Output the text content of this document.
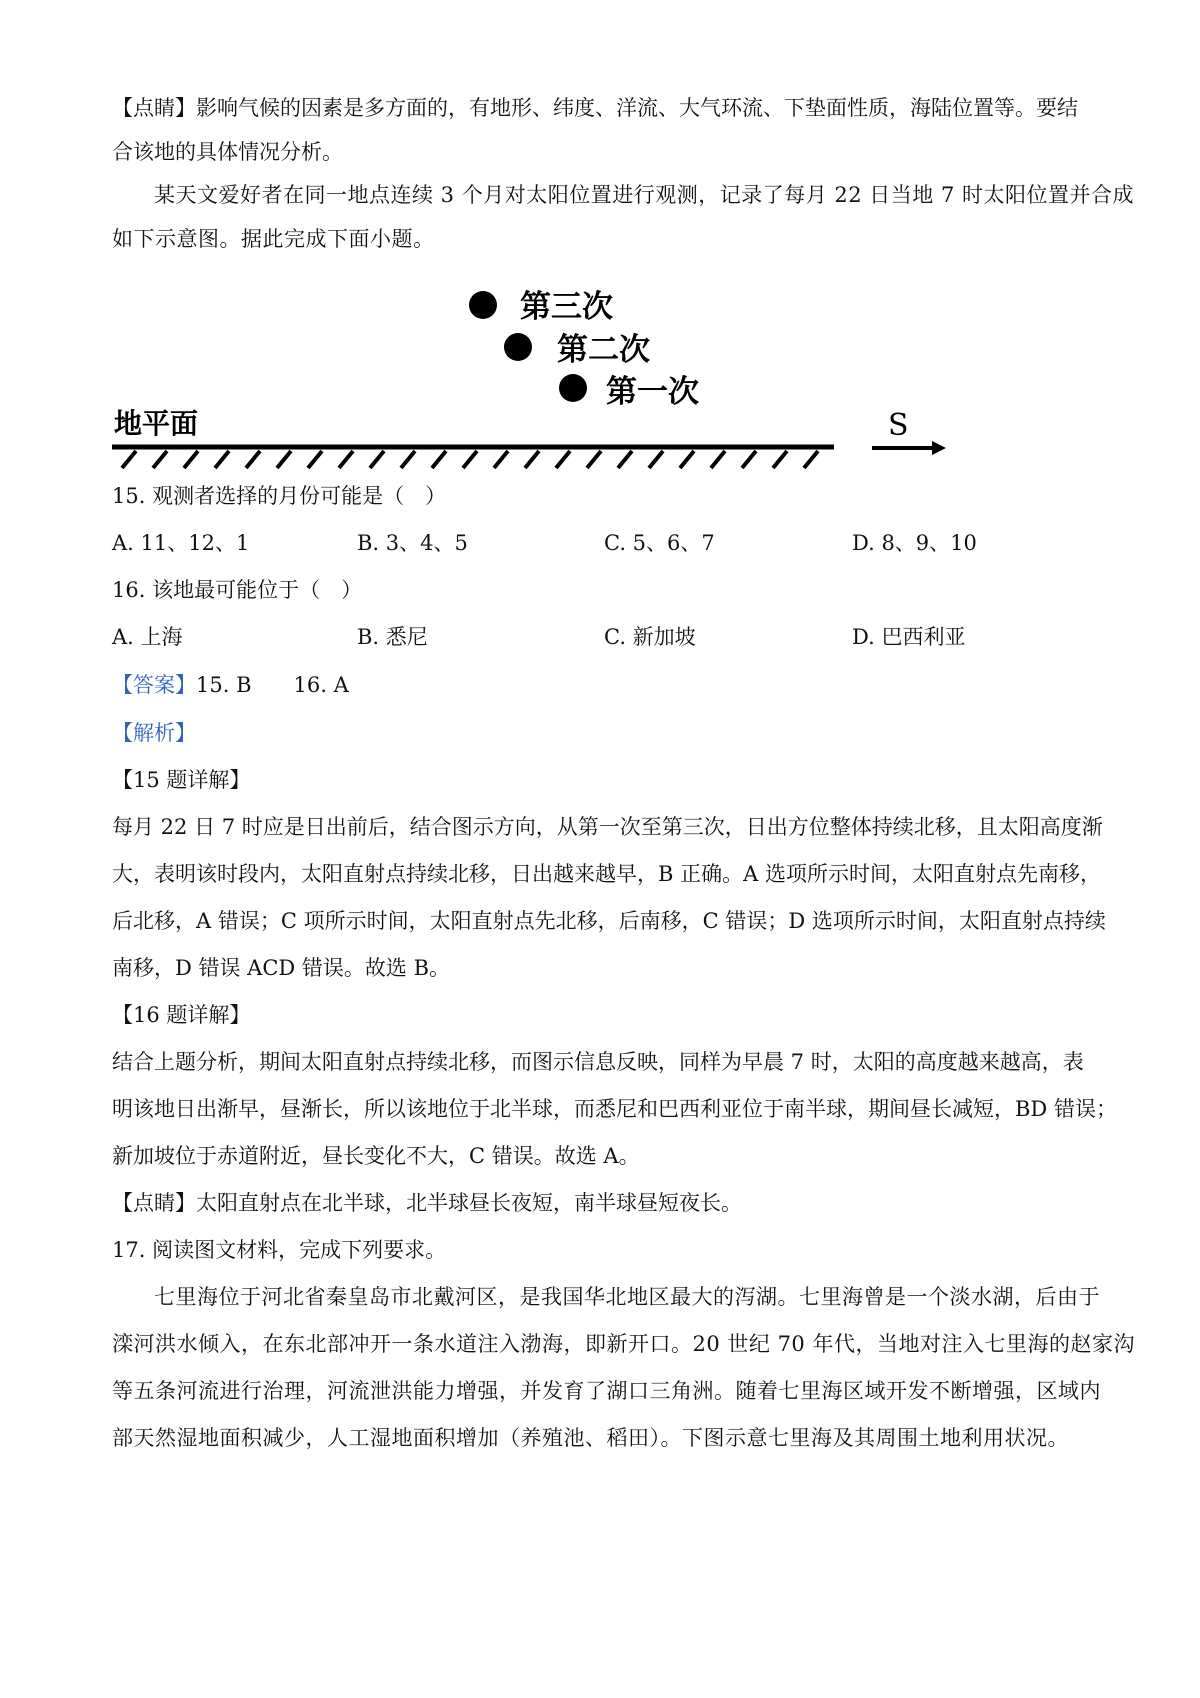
【点睛】影响气候的因素是多方面的，有地形、纬度、洋流、大气环流、下垫面性质，海陆位置等。要结
合该地的具体情况分析。
某天文爱好者在同一地点连续 3 个月对太阳位置进行观测，记录了每月 22 日当地 7 时太阳位置并合成
如下示意图。据此完成下面小题。
第三次
第二次
第一次
地平面	S
15. 观测者选择的月份可能是（　）
A. 11、12、1	B. 3、4、5	C. 5、6、7	D. 8、9、10
16. 该地最可能位于（　）
A. 上海	B. 悉尼	C. 新加坡	D. 巴西利亚
【答案】15. B　　16. A
【解析】
【15 题详解】
每月 22 日 7 时应是日出前后，结合图示方向，从第一次至第三次，日出方位整体持续北移，且太阳高度渐
大，表明该时段内，太阳直射点持续北移，日出越来越早，B 正确。A 选项所示时间，太阳直射点先南移，
后北移，A 错误；C 项所示时间，太阳直射点先北移，后南移，C 错误；D 选项所示时间，太阳直射点持续
南移，D 错误 ACD 错误。故选 B。
【16 题详解】
结合上题分析，期间太阳直射点持续北移，而图示信息反映，同样为早晨 7 时，太阳的高度越来越高，表
明该地日出渐早，昼渐长，所以该地位于北半球，而悉尼和巴西利亚位于南半球，期间昼长减短，BD 错误；
新加坡位于赤道附近，昼长变化不大，C 错误。故选 A。
【点睛】太阳直射点在北半球，北半球昼长夜短，南半球昼短夜长。
17. 阅读图文材料，完成下列要求。
七里海位于河北省秦皇岛市北戴河区，是我国华北地区最大的泻湖。七里海曾是一个淡水湖，后由于
滦河洪水倾入，在东北部冲开一条水道注入渤海，即新开口。20 世纪 70 年代，当地对注入七里海的赵家沟
等五条河流进行治理，河流泄洪能力增强，并发育了湖口三角洲。随着七里海区域开发不断增强，区域内
部天然湿地面积减少，人工湿地面积增加（养殖池、稻田）。下图示意七里海及其周围土地利用状况。
